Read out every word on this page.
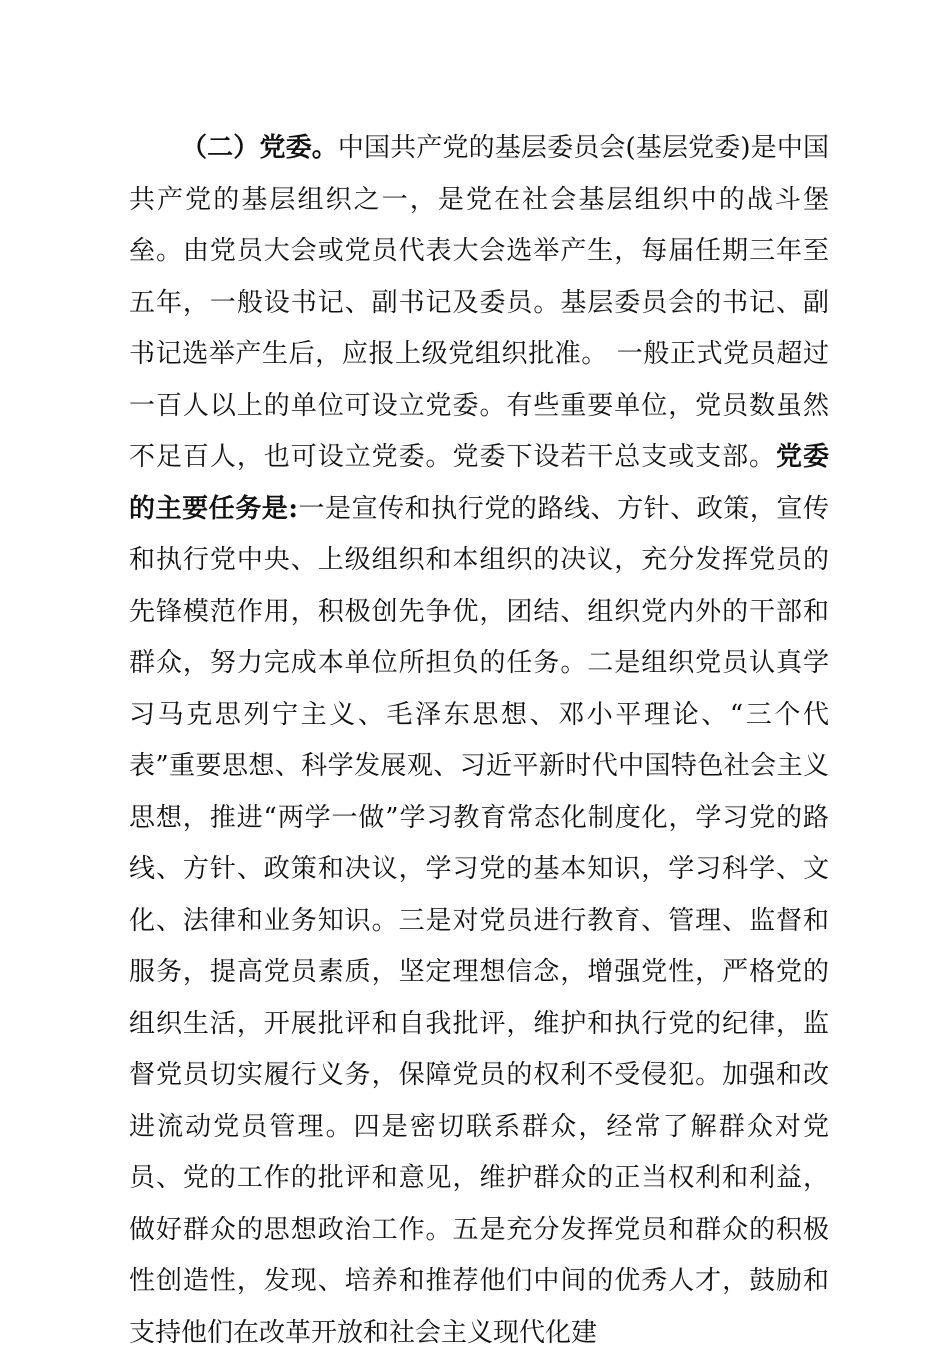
（二）党委。中国共产党的基层委员会(基层党委)是中国共产党的基层组织之一，是党在社会基层组织中的战斗堡垒。由党员大会或党员代表大会选举产生，每届任期三年至五年，一般设书记、副书记及委员。基层委员会的书记、副书记选举产生后，应报上级党组织批准。 一般正式党员超过一百人以上的单位可设立党委。有些重要单位，党员数虽然不足百人，也可设立党委。党委下设若干总支或支部。党委的主要任务是:一是宣传和执行党的路线、方针、政策，宣传和执行党中央、上级组织和本组织的决议，充分发挥党员的先锋模范作用，积极创先争优，团结、组织党内外的干部和群众，努力完成本单位所担负的任务。二是组织党员认真学习马克思列宁主义、毛泽东思想、邓小平理论、“三个代表”重要思想、科学发展观、习近平新时代中国特色社会主义思想，推进“两学一做”学习教育常态化制度化，学习党的路线、方针、政策和决议，学习党的基本知识，学习科学、文化、法律和业务知识。三是对党员进行教育、管理、监督和服务，提高党员素质，坚定理想信念，增强党性，严格党的组织生活，开展批评和自我批评，维护和执行党的纪律，监督党员切实履行义务，保障党员的权利不受侵犯。加强和改进流动党员管理。四是密切联系群众，经常了解群众对党员、党的工作的批评和意见，维护群众的正当权利和利益，做好群众的思想政治工作。五是充分发挥党员和群众的积极性创造性，发现、培养和推荐他们中间的优秀人才，鼓励和支持他们在改革开放和社会主义现代化建
